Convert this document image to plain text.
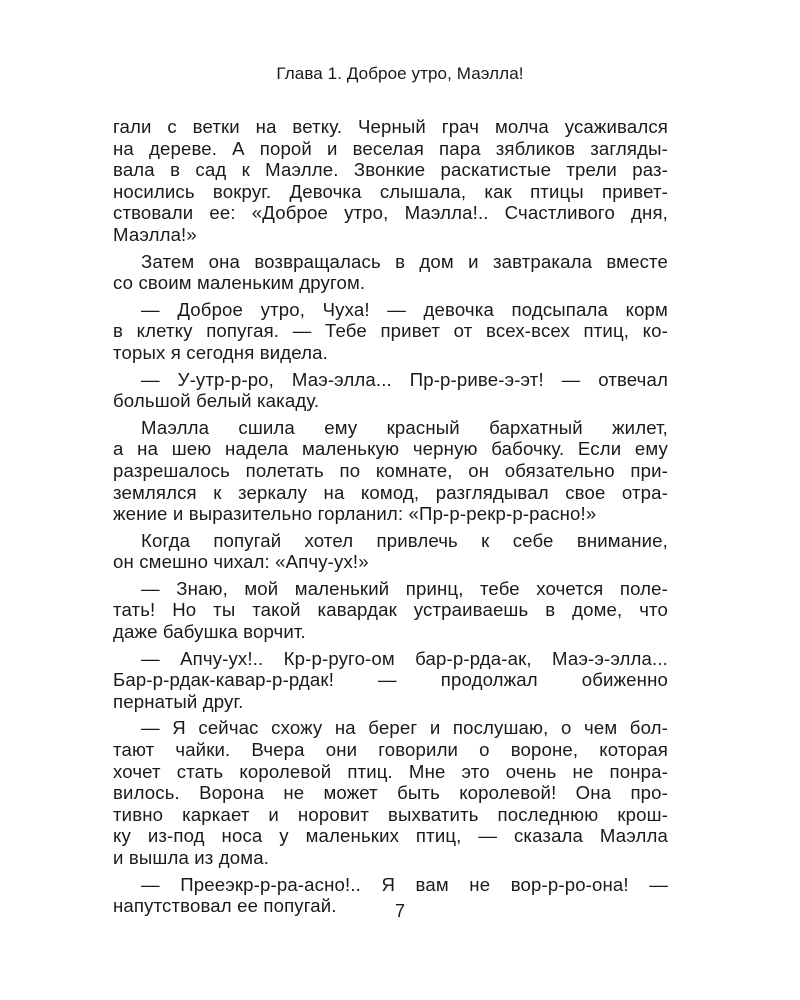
Глава 1. Доброе утро, Маэлла!
гали с ветки на ветку. Черный грач молча усаживался
на дереве. А порой и веселая пара зябликов загляды-
вала в сад к Маэлле. Звонкие раскатистые трели раз-
носились вокруг. Девочка слышала, как птицы привет-
ствовали ее: «Доброе утро, Маэлла!.. Счастливого дня,
Маэлла!»
Затем она возвращалась в дом и завтракала вместе
со своим маленьким другом.
— Доброе утро, Чуха! — девочка подсыпала корм
в клетку попугая. — Тебе привет от всех-всех птиц, ко-
торых я сегодня видела.
— У-утр-р-ро, Маэ-элла... Пр-р-риве-э-эт! — отвечал
большой белый какаду.
Маэлла сшила ему красный бархатный жилет,
а на шею надела маленькую черную бабочку. Если ему
разрешалось полетать по комнате, он обязательно при-
землялся к зеркалу на комод, разглядывал свое отра-
жение и выразительно горланил: «Пр-р-рекр-р-расно!»
Когда попугай хотел привлечь к себе внимание,
он смешно чихал: «Апчу-ух!»
— Знаю, мой маленький принц, тебе хочется поле-
тать! Но ты такой кавардак устраиваешь в доме, что
даже бабушка ворчит.
— Апчу-ух!.. Кр-р-руго-ом бар-р-рда-ак, Маэ-э-элла...
Бар-р-рдак-кавар-р-рдак! — продолжал обиженно
пернатый друг.
— Я сейчас схожу на берег и послушаю, о чем бол-
тают чайки. Вчера они говорили о вороне, которая
хочет стать королевой птиц. Мне это очень не понра-
вилось. Ворона не может быть королевой! Она про-
тивно каркает и норовит выхватить последнюю крош-
ку из-под носа у маленьких птиц, — сказала Маэлла
и вышла из дома.
— Прееэкр-р-ра-асно!.. Я вам не вор-р-ро-она! —
напутствовал ее попугай.	7
